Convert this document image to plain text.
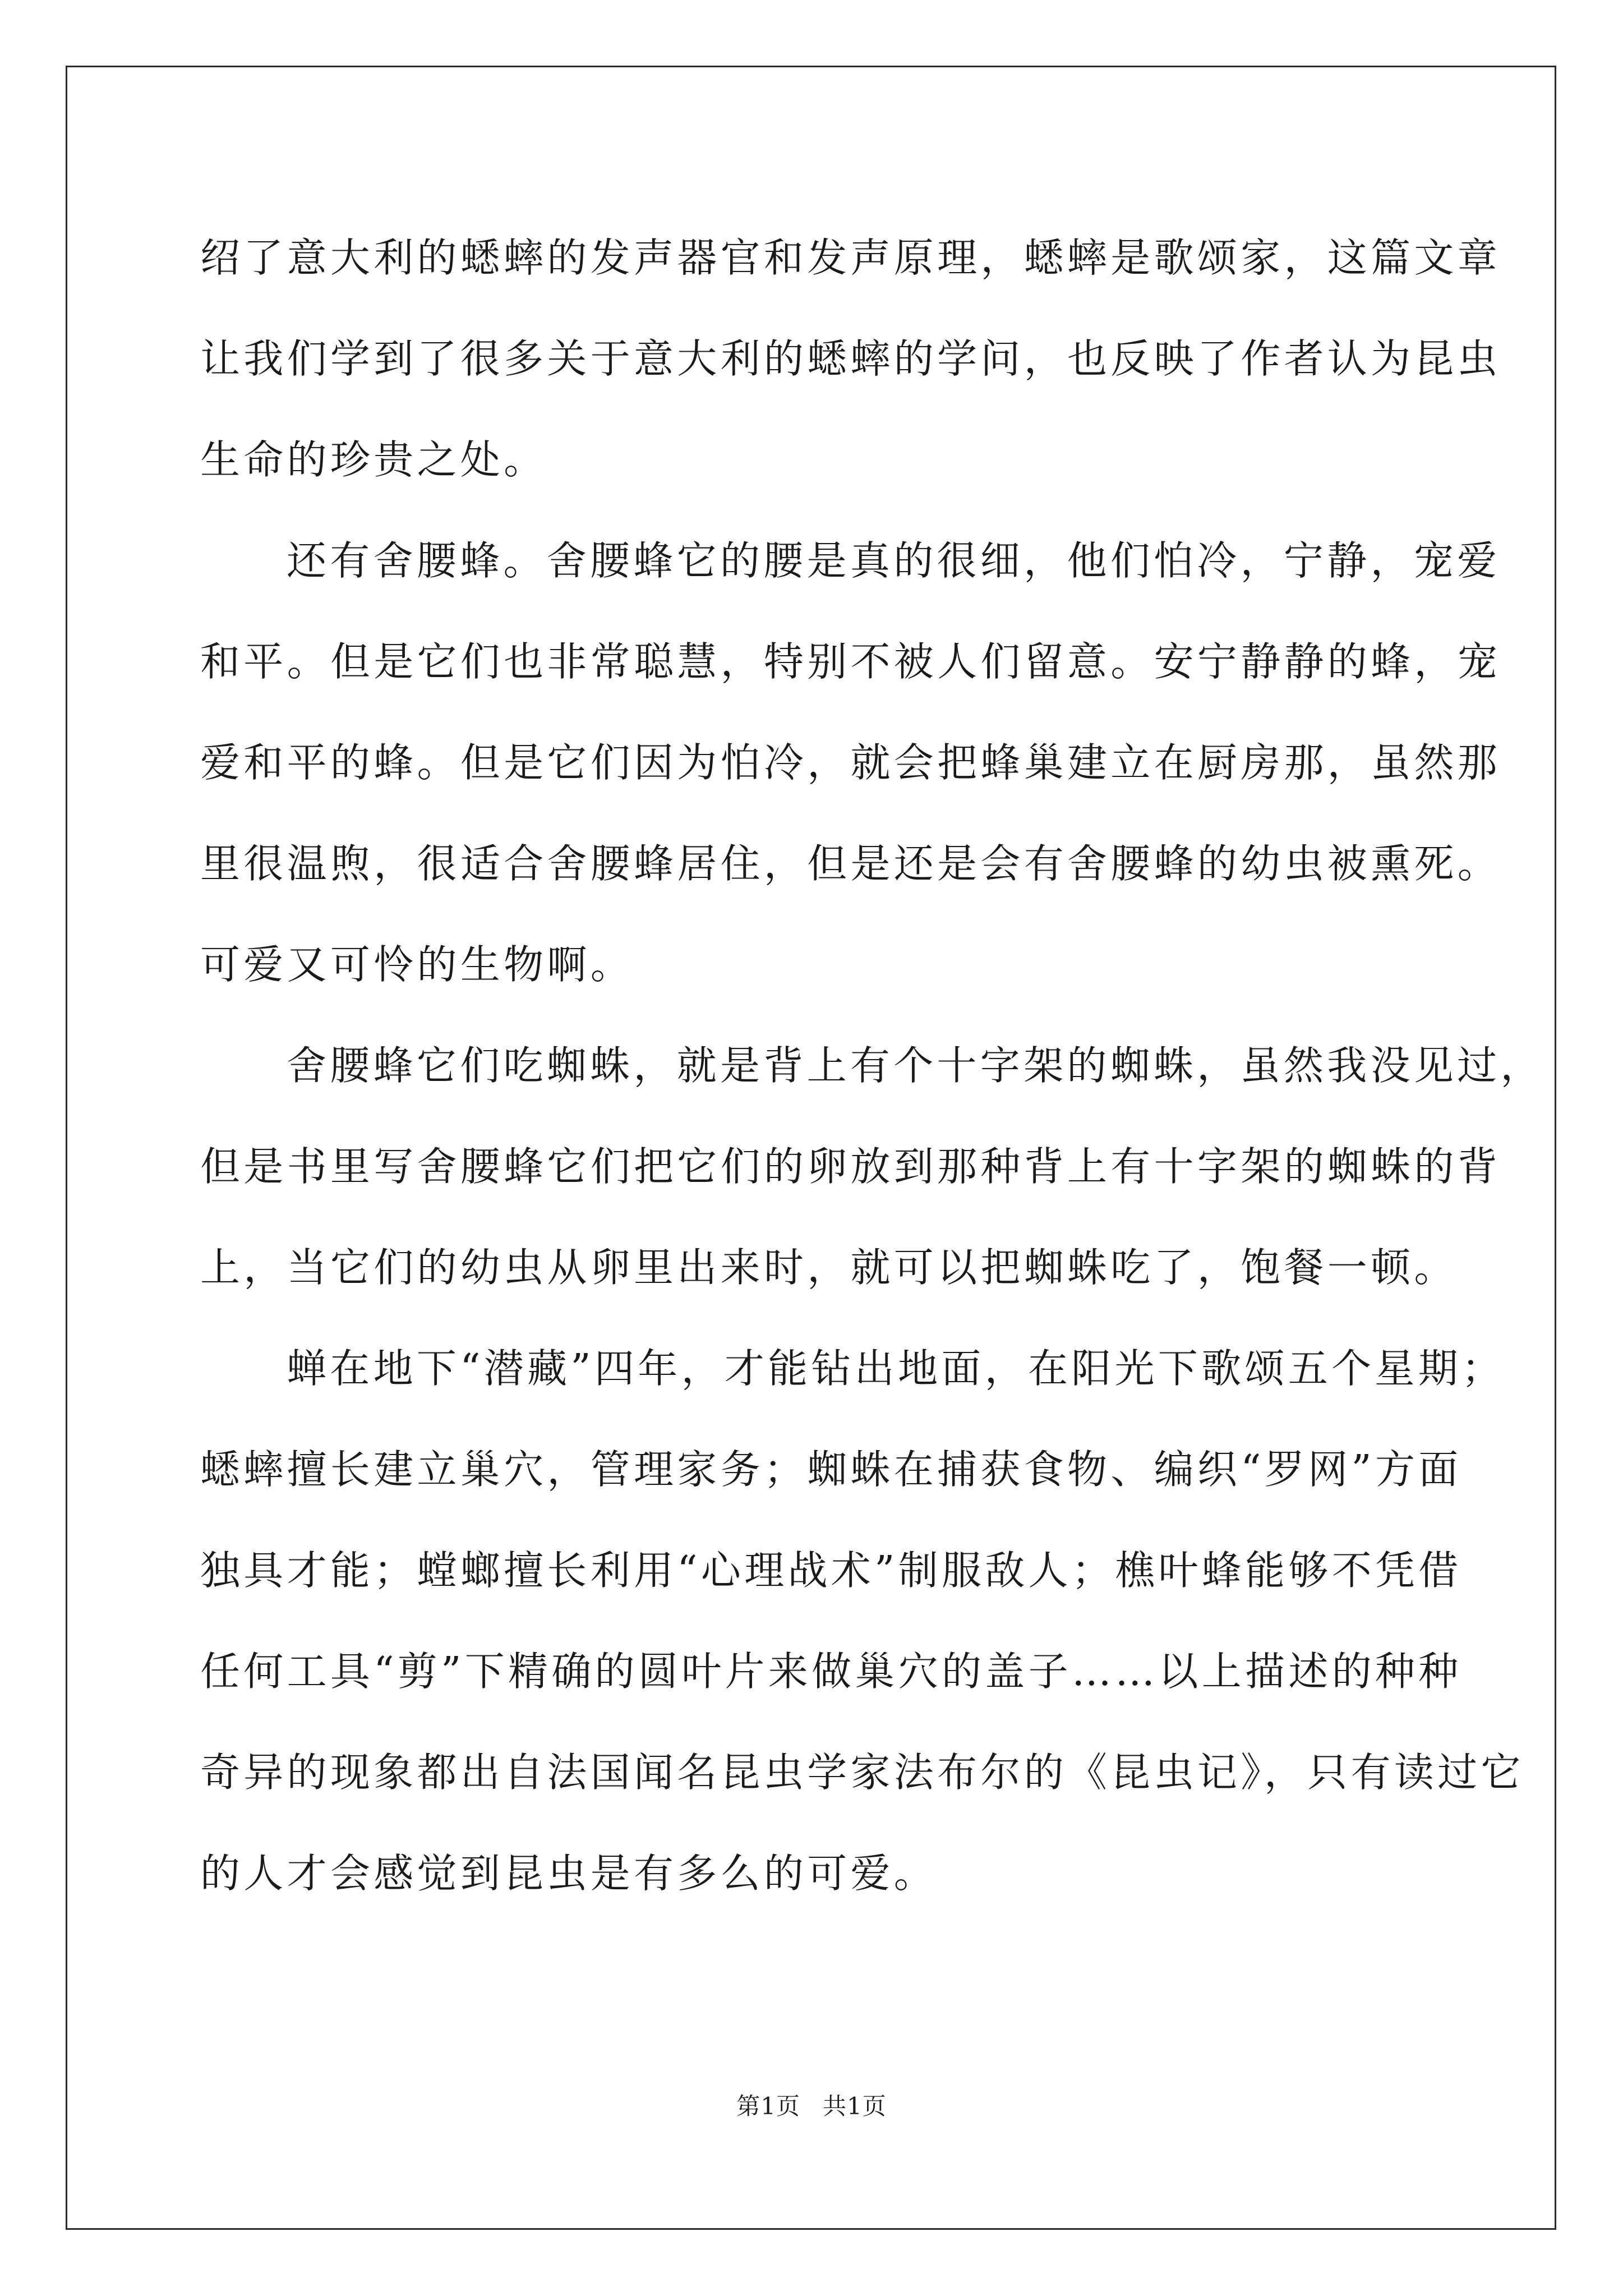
绍了意大利的蟋蟀的发声器官和发声原理，蟋蟀是歌颂家，这篇文章
让我们学到了很多关于意大利的蟋蟀的学问，也反映了作者认为昆虫
生命的珍贵之处。

还有舍腰蜂。舍腰蜂它的腰是真的很细，他们怕冷，宁静，宠爱
和平。但是它们也非常聪慧，特别不被人们留意。安宁静静的蜂，宠
爱和平的蜂。但是它们因为怕冷，就会把蜂巢建立在厨房那，虽然那
里很温煦，很适合舍腰蜂居住，但是还是会有舍腰蜂的幼虫被熏死。
可爱又可怜的生物啊。

舍腰蜂它们吃蜘蛛，就是背上有个十字架的蜘蛛，虽然我没见过，
但是书里写舍腰蜂它们把它们的卵放到那种背上有十字架的蜘蛛的背
上，当它们的幼虫从卵里出来时，就可以把蜘蛛吃了，饱餐一顿。

蝉在地下“潜藏”四年，才能钻出地面，在阳光下歌颂五个星期；
蟋蟀擅长建立巢穴，管理家务；蜘蛛在捕获食物、编织“罗网”方面
独具才能；螳螂擅长利用“心理战术”制服敌人；樵叶蜂能够不凭借
任何工具“剪”下精确的圆叶片来做巢穴的盖子……以上描述的种种
奇异的现象都出自法国闻名昆虫学家法布尔的《昆虫记》，只有读过它
的人才会感觉到昆虫是有多么的可爱。

第1页 共1页
